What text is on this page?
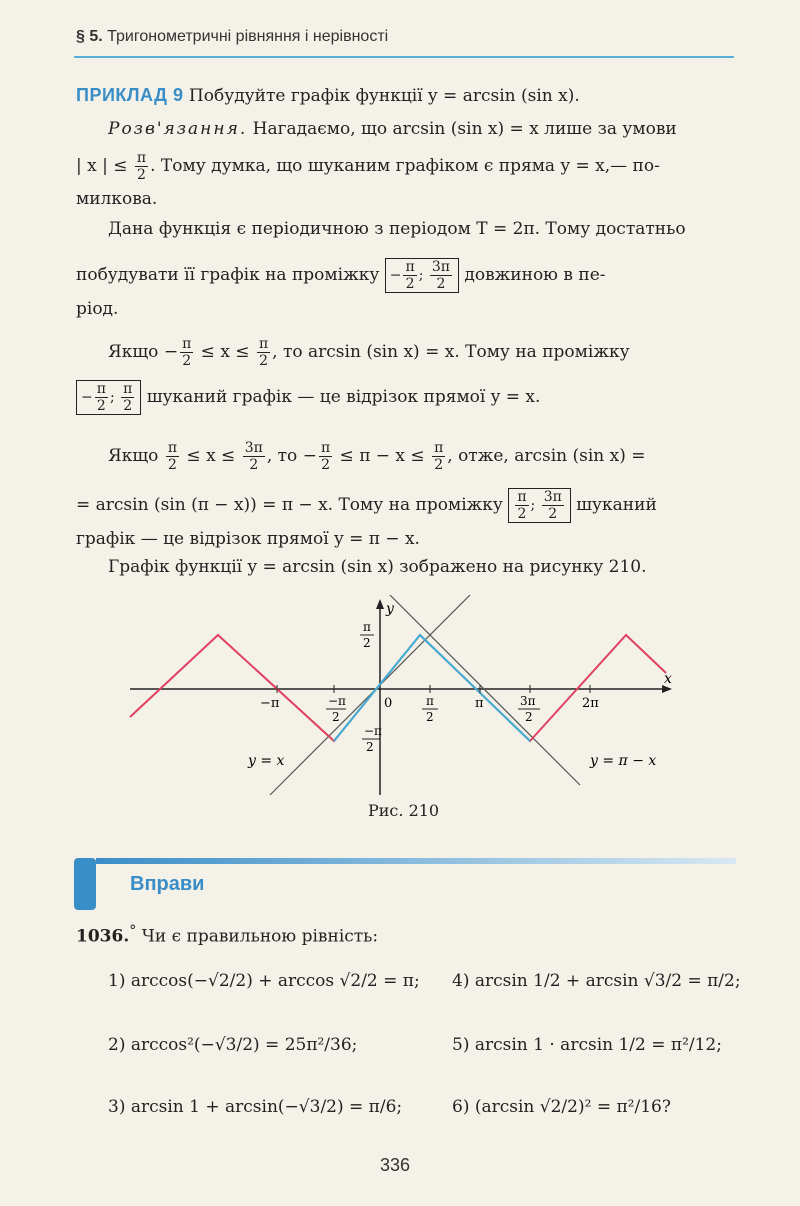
§ 5. Тригонометричні рівняння і нерівності
ПРИКЛАД 9 Побудуйте графік функції y = arcsin (sin x).
Розв'язання. Нагадаємо, що arcsin (sin x) = x лише за умови
| x | ≤ $\frac{\pi}{2}$ . Тому думка, що шуканим графіком є пряма y = x,— по-
милкова.
Дана функція є періодичною з періодом T = 2π. Тому достатньо
побудувати її графік на проміжку − $\frac{\pi}{2}$ ; $\frac{3\pi}{2}$ довжиною в пе-
ріод.
Якщо − $\frac{\pi}{2} \le x \le \frac{\pi}{2}$ , то arcsin (sin x) = x. Тому на проміжку
− $\frac{\pi}{2}$ ; $\frac{\pi}{2}$ шуканий графік — це відрізок прямої y = x.
Якщо $\frac{\pi}{2} \le x \le \frac{3\pi}{2}$ , то − $\frac{\pi}{2} \le \pi - x \le \frac{\pi}{2}$ , отже, arcsin (sin x) =
= arcsin (sin (π − x)) = π − x. Тому на проміжку $\frac{\pi}{2}$ ; $\frac{3\pi}{2}$ шуканий
графік — це відрізок прямої y = π − x.
Графік функції y = arcsin (sin x) зображено на рисунку 210.
y
x
0
π
2
−π	−π
2
−π
2
π
2
π	3π
2
2π
y = x	y = π − x
Рис. 210
Вправи
1036.° Чи є правильною рівність:
1) arccos(−√2/2) + arccos √2/2 = π; 4) arcsin 1/2 + arcsin √3/2 = π/2;
2) arccos²(−√3/2) = 25π²/36;	5) arcsin 1 · arcsin 1/2 = π²/12;
3) arcsin 1 + arcsin(−√3/2) = π/6;	6) (arcsin √2/2)² = π²/16?
336
